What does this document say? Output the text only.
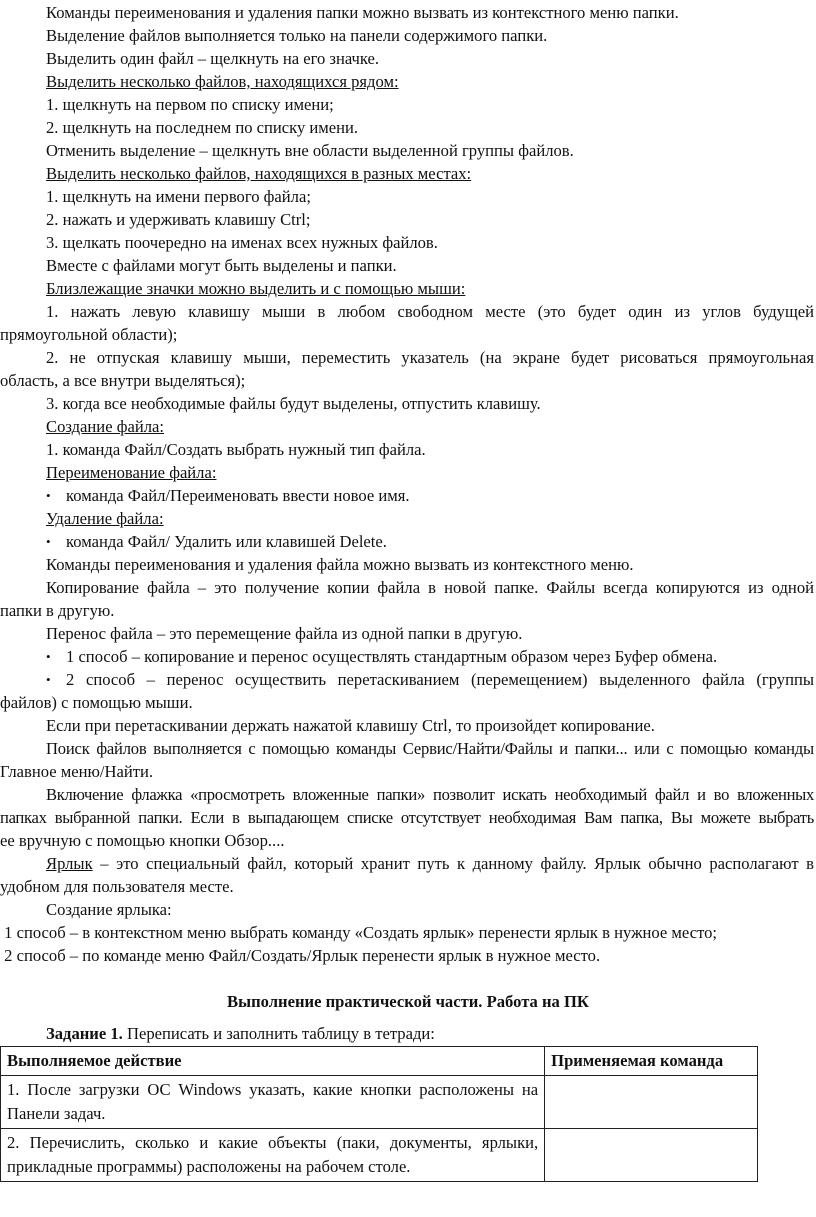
Команды переименования и удаления папки можно вызвать из контекстного меню папки.
Выделение файлов выполняется только на панели содержимого папки.
Выделить один файл – щелкнуть на его значке.
Выделить несколько файлов, находящихся рядом:
1. щелкнуть на первом по списку имени;
2. щелкнуть на последнем по списку имени.
Отменить выделение – щелкнуть вне области выделенной группы файлов.
Выделить несколько файлов, находящихся в разных местах:
1. щелкнуть на имени первого файла;
2. нажать и удерживать клавишу Ctrl;
3. щелкать поочередно на именах всех нужных файлов.
Вместе с файлами могут быть выделены и папки.
Близлежащие значки можно выделить и с помощью мыши:
1. нажать левую клавишу мыши в любом свободном месте (это будет один из углов будущей
прямоугольной области);
2. не отпуская клавишу мыши, переместить указатель (на экране будет рисоваться прямоугольная
область, а все внутри выделяться);
3. когда все необходимые файлы будут выделены, отпустить клавишу.
Создание файла:
1. команда Файл/Создать выбрать нужный тип файла.
Переименование файла:
• команда Файл/Переименовать ввести новое имя.
Удаление файла:
• команда Файл/ Удалить или клавишей Delete.
Команды переименования и удаления файла можно вызвать из контекстного меню.
Копирование файла – это получение копии файла в новой папке. Файлы всегда копируются из одной
папки в другую.
Перенос файла – это перемещение файла из одной папки в другую.
• 1 способ – копирование и перенос осуществлять стандартным образом через Буфер обмена.
• 2 способ – перенос осуществить перетаскиванием (перемещением) выделенного файла (группы
файлов) с помощью мыши.
Если при перетаскивании держать нажатой клавишу Ctrl, то произойдет копирование.
Поиск файлов выполняется с помощью команды Сервис/Найти/Файлы и папки... или с помощью команды
Главное меню/Найти.
Включение флажка «просмотреть вложенные папки» позволит искать необходимый файл и во вложенных
папках выбранной папки. Если в выпадающем списке отсутствует необходимая Вам папка, Вы можете выбрать
ее вручную с помощью кнопки Обзор....
Ярлык – это специальный файл, который хранит путь к данному файлу. Ярлык обычно располагают в
удобном для пользователя месте.
Создание ярлыка:
1 способ – в контекстном меню выбрать команду «Создать ярлык» перенести ярлык в нужное место;
2 способ – по команде меню Файл/Создать/Ярлык перенести ярлык в нужное место.
Выполнение практической части. Работа на ПК
Задание 1. Переписать и заполнить таблицу в тетради:
Выполняемое действие	Применяемая команда
1. После загрузки ОС Windows указать, какие кнопки расположены на Панели задач.	
2. Перечислить, сколько и какие объекты (паки, документы, ярлыки, прикладные программы) расположены на рабочем столе.	
